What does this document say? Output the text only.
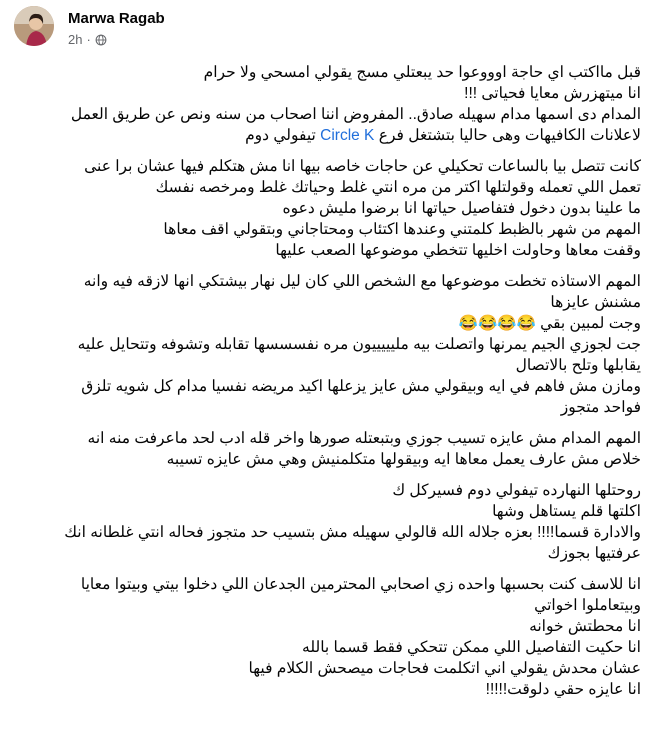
Marwa Ragab
2h ·
قبل مااكتب اي حاجة اوووعوا حد يبعتلي مسج يقولي امسحي ولا حرام
انا ميتهزرش معايا فحياتى !!!
المدام دى اسمها مدام سهيله صادق.. المفروض اننا اصحاب من سنه ونص عن طريق العمل
لاعلانات الكافيهات وهى حاليا بتشتغل فرع Circle K تيفولي دوم
كانت تتصل بيا بالساعات تحكيلي عن حاجات خاصه بيها انا مش هتكلم فيها عشان برا عنى
تعمل اللي تعمله وقولتلها اكتر من مره انتي غلط وحياتك غلط ومرخصه نفسك
ما علينا بدون دخول فتفاصيل حياتها انا برضوا مليش دعوه
المهم من شهر بالظبط كلمتني وعندها اكتئاب ومحتاجاني وبتقولي اقف معاها
وقفت معاها وحاولت اخليها تتخطي موضوعها الصعب عليها
المهم الاستاذه تخطت موضوعها مع الشخص اللي كان ليل نهار بيشتكي انها لازقه فيه وانه
مشنش عايزها
وجت لمبين بقي 😂😂😂😂
جت لجوزي الجيم يمرنها واتصلت بيه مليييييون مره نفسسسها تقابله وتشوفه وتتحايل عليه
يقابلها وتلح بالاتصال
ومازن مش فاهم في ايه وبيقولي مش عايز يزعلها اكيد مريضه نفسيا مدام كل شويه تلزق
فواحد متجوز
المهم المدام مش عايزه تسيب جوزي وبتبعتله صورها واخر قله ادب لحد ماعرفت منه انه
خلاص مش عارف يعمل معاها ايه وبيقولها متكلمنيش وهي مش عايزه تسيبه
روحتلها النهارده تيفولي دوم فسيركل ك
اكلتها قلم يستاهل وشها
والادارة قسما!!!! بعزه جلاله الله قالولي سهيله مش بتسيب حد متجوز فحاله انتي غلطانه انك
عرفتيها بجوزك
انا للاسف كنت بحسبها واحده زي اصحابي المحترمين الجدعان اللي دخلوا بيتي وبيتوا معايا
وبيتعاملوا اخواتي
انا محطتش خوانه
انا حكيت التفاصيل اللي ممكن تتحكي فقط قسما بالله
عشان محدش يقولي اني اتكلمت فحاجات ميصحش الكلام فيها
انا عايزه حقي دلوقت!!!!!
